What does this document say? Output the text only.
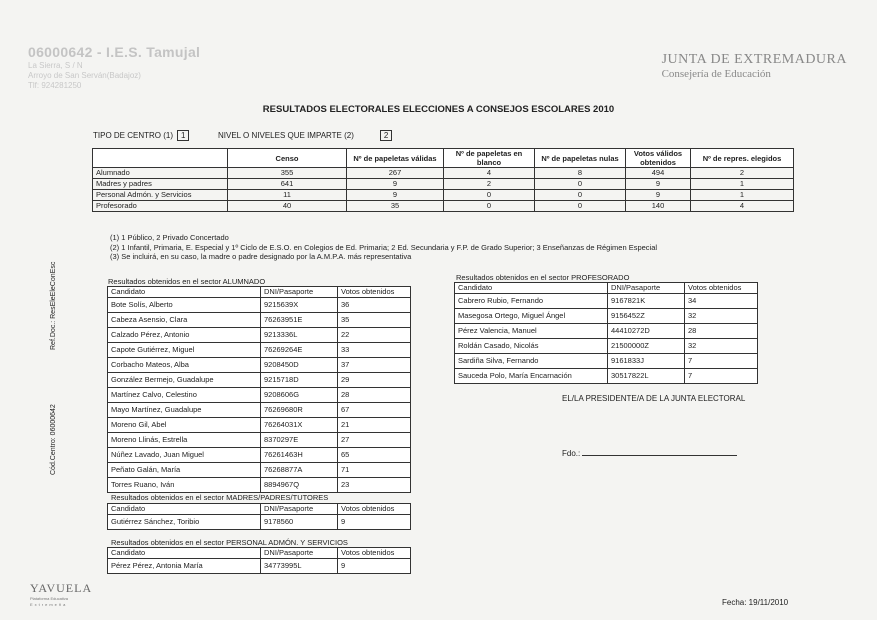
06000642 - I.E.S. Tamujal
La Sierra, S / N
Arroyo de San Serván(Badajoz)
Tlf: 924281250
JUNTA DE EXTREMADURA
Consejería de Educación
RESULTADOS ELECTORALES ELECCIONES A CONSEJOS ESCOLARES 2010
TIPO DE CENTRO (1) 1	NIVEL O NIVELES QUE IMPARTE (2)	2
	Censo	Nº de papeletas válidas	Nº de papeletas en blanco	Nº de papeletas nulas	Votos válidos obtenidos	Nº de repres. elegidos
Alumnado	355	267	4	8	494	2
Madres y padres	641	9	2	0	9	1
Personal Admón. y Servicios	11	9	0	0	9	1
Profesorado	40	35	0	0	140	4
(1) 1 Público, 2 Privado Concertado
(2) 1 Infantil, Primaria, E. Especial y 1º Ciclo de E.S.O. en Colegios de Ed. Primaria; 2 Ed. Secundaria y F.P. de Grado Superior; 3 Enseñanzas de Régimen Especial
(3) Se incluirá, en su caso, la madre o padre designado por la A.M.P.A. más representativa
Ref.Doc.: ResEleEleConEsc
Cód.Centro: 06000642
Resultados obtenidos en el sector ALUMNADO
Candidato	DNI/Pasaporte	Votos obtenidos
Bote Solís, Alberto	9215639X	36
Cabeza Asensio, Clara	76263951E	35
Calzado Pérez, Antonio	9213336L	22
Capote Gutiérrez, Miguel	76269264E	33
Corbacho Mateos, Alba	9208450D	37
González Bermejo, Guadalupe	9215718D	29
Martínez Calvo, Celestino	9208606G	28
Mayo Martínez, Guadalupe	76269680R	67
Moreno Gil, Abel	76264031X	21
Moreno Llinás, Estrella	8370297E	27
Núñez Lavado, Juan Miguel	76261463H	65
Peñato Galán, María	76268877A	71
Torres Ruano, Iván	8894967Q	23
Resultados obtenidos en el sector MADRES/PADRES/TUTORES
Candidato	DNI/Pasaporte	Votos obtenidos
Gutiérrez Sánchez, Toribio	9178560	9
Resultados obtenidos en el sector PERSONAL ADMÓN. Y SERVICIOS
Candidato	DNI/Pasaporte	Votos obtenidos
Pérez Pérez, Antonia María	34773995L	9
Resultados obtenidos en el sector PROFESORADO
Candidato	DNI/Pasaporte	Votos obtenidos
Cabrero Rubio, Fernando	9167821K	34
Masegosa Ortego, Miguel Ángel	9156452Z	32
Pérez Valencia, Manuel	44410272D	28
Roldán Casado, Nicolás	21500000Z	32
Sardiña Silva, Fernando	9161833J	7
Sauceda Polo, María Encarnación	30517822L	7
EL/LA PRESIDENTE/A DE LA JUNTA ELECTORAL
Fdo.:
Fecha: 19/11/2010
YAVUELA
Plataforma Educativa
Extremeña
